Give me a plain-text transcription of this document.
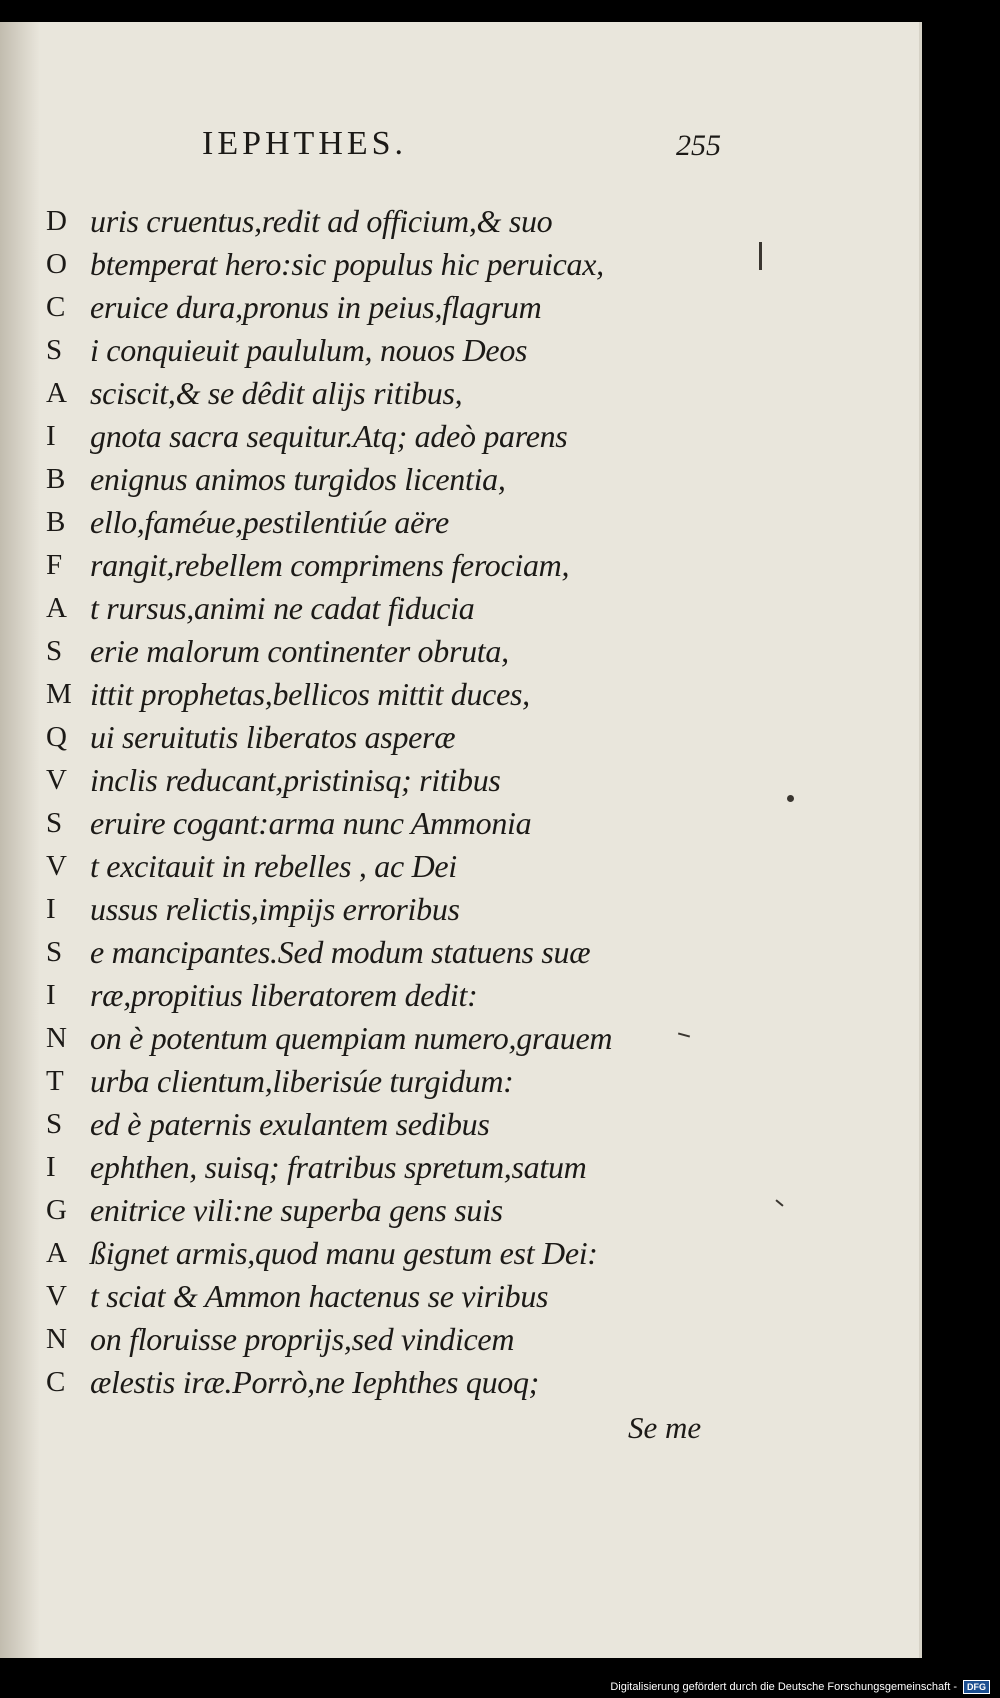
IEPHTHES.	255
D uris cruentus,redit ad officium,& suo
O btemperat hero:sic populus hic peruicax,
C eruice dura,pronus in peius,flagrum
S i conquieuit paululum, nouos Deos
A sciscit,& se dêdit alijs ritibus,
I	gnota sacra sequitur.Atq; adeò parens
B enignus animos turgidos licentia,
B ello,faméue,pestilentiúe aëre
F rangit,rebellem comprimens ferociam,
A t rursus,animi ne cadat fiducia
S erie malorum continenter obruta,
M ittit prophetas,bellicos mittit duces,
Q ui seruitutis liberatos asperæ
V inclis reducant,pristinisq; ritibus
S eruire cogant:arma nunc Ammonia
V t excitauit in rebelles , ac Dei
I	ussus relictis,impijs erroribus
S e mancipantes.Sed modum statuens suæ
I	ræ,propitius liberatorem dedit:
N on è potentum quempiam numero,grauem
T urba clientum,liberisúe turgidum:
S ed è paternis exulantem sedibus
I	ephthen, suisq; fratribus spretum,satum
G enitrice vili:ne superba gens suis
A ßignet armis,quod manu gestum est Dei:
V t sciat & Ammon hactenus se viribus
N on floruisse proprijs,sed vindicem
C ælestis iræ.Porrò,ne Iephthes quoq;
Se me
Digitalisierung gefördert durch die Deutsche Forschungsgemeinschaft -	DFG
